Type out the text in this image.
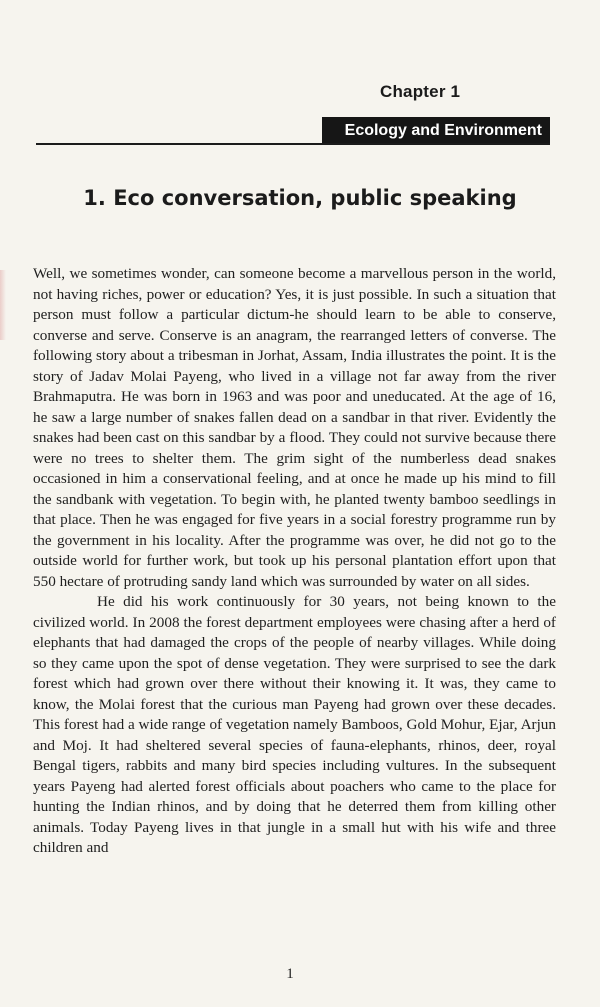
Chapter 1
Ecology and Environment
1. Eco conversation, public speaking

Well, we sometimes wonder, can someone become a marvellous person in the world, not having riches, power or education? Yes, it is just possible. In such a situation that person must follow a particular dictum-he should learn to be able to conserve, converse and serve. Conserve is an anagram, the rearranged letters of converse. The following story about a tribesman in Jorhat, Assam, India illustrates the point. It is the story of Jadav Molai Payeng, who lived in a village not far away from the river Brahmaputra. He was born in 1963 and was poor and uneducated. At the age of 16, he saw a large number of snakes fallen dead on a sandbar in that river. Evidently the snakes had been cast on this sandbar by a flood. They could not survive because there were no trees to shelter them. The grim sight of the numberless dead snakes occasioned in him a conservational feeling, and at once he made up his mind to fill the sandbank with vegetation. To begin with, he planted twenty bamboo seedlings in that place. Then he was engaged for five years in a social forestry programme run by the government in his locality. After the programme was over, he did not go to the outside world for further work, but took up his personal plantation effort upon that 550 hectare of protruding sandy land which was surrounded by water on all sides.

He did his work continuously for 30 years, not being known to the civilized world. In 2008 the forest department employees were chasing after a herd of elephants that had damaged the crops of the people of nearby villages. While doing so they came upon the spot of dense vegetation. They were surprised to see the dark forest which had grown over there without their knowing it. It was, they came to know, the Molai forest that the curious man Payeng had grown over these decades. This forest had a wide range of vegetation namely Bamboos, Gold Mohur, Ejar, Arjun and Moj. It had sheltered several species of fauna-elephants, rhinos, deer, royal Bengal tigers, rabbits and many bird species including vultures. In the subsequent years Payeng had alerted forest officials about poachers who came to the place for hunting the Indian rhinos, and by doing that he deterred them from killing other animals. Today Payeng lives in that jungle in a small hut with his wife and three children and

1
